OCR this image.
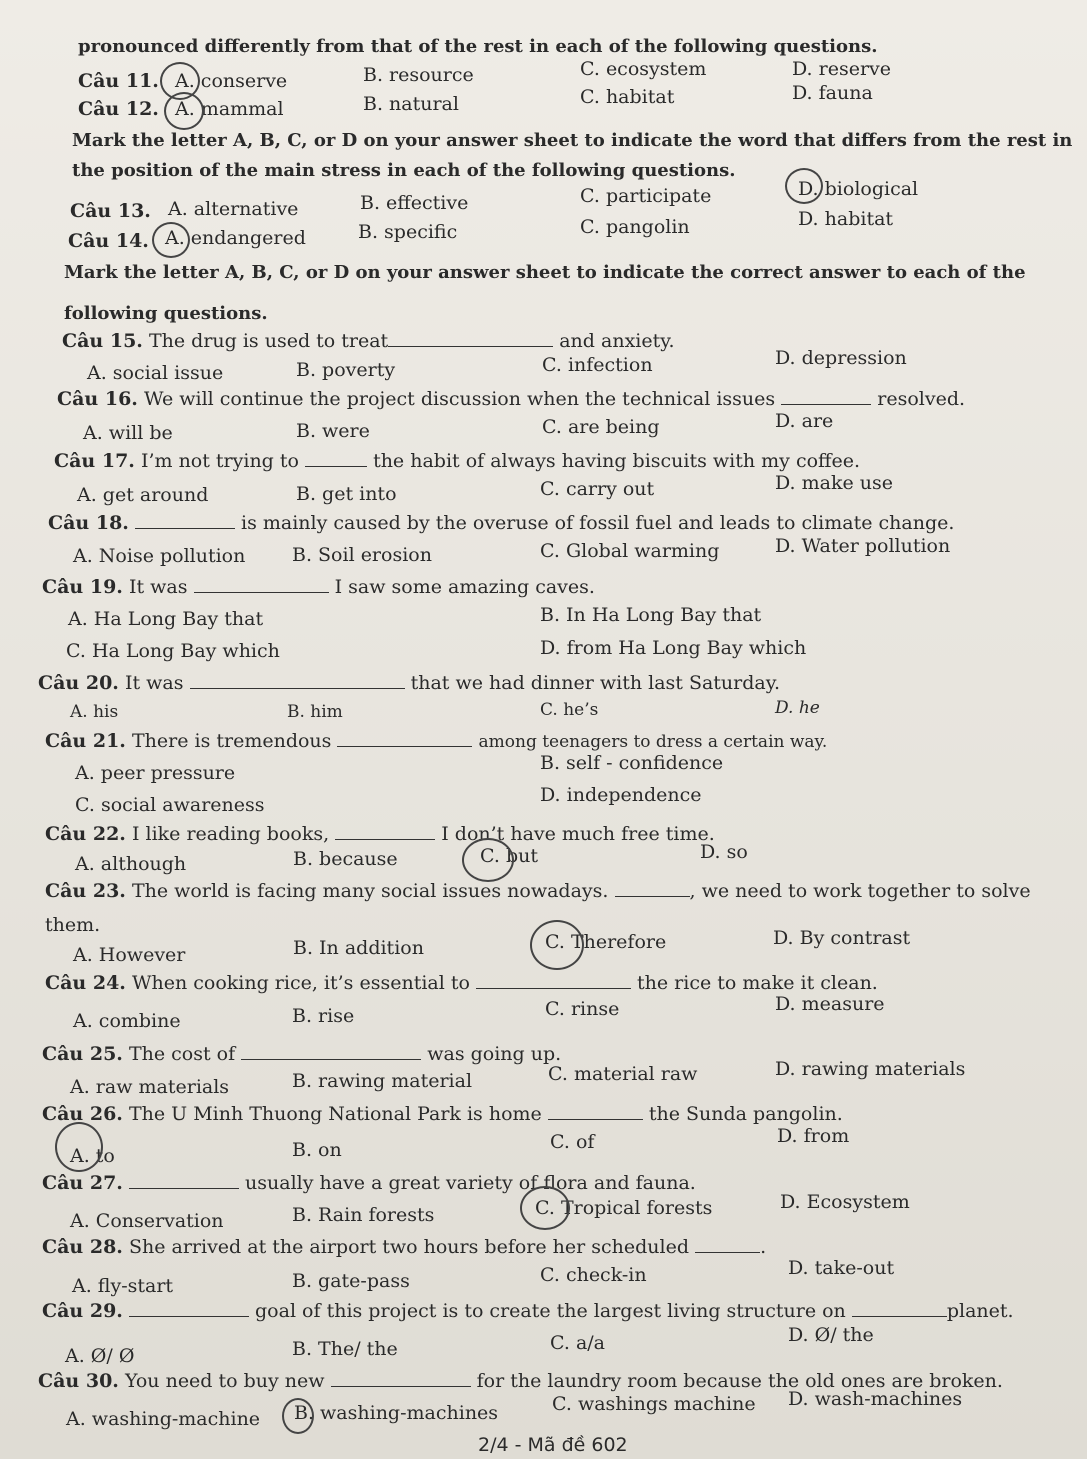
pronounced differently from that of the rest in each of the following questions.
Câu 11. A. conserve	B. resource	C. ecosystem	D. reserve
Câu 12. A. mammal	B. natural	C. habitat	D. fauna
Mark the letter A, B, C, or D on your answer sheet to indicate the word that differs from the rest in
the position of the main stress in each of the following questions.
Câu 13. A. alternative	B. effective	C. participate	D. biological
Câu 14. A. endangered	B. specific	C. pangolin	D. habitat
Mark the letter A, B, C, or D on your answer sheet to indicate the correct answer to each of the
following questions.
Câu 15. The drug is used to treat	and anxiety.
A. social issue	B. poverty	C. infection	D. depression
Câu 16. We will continue the project discussion when the technical issues	resolved.
A. will be	B. were	C. are being	D. are
Câu 17. I’m not trying to	the habit of always having biscuits with my coffee.
A. get around	B. get into	C. carry out	D. make use
Câu 18.	is mainly caused by the overuse of fossil fuel and leads to climate change.
A. Noise pollution B. Soil erosion	C. Global warming	D. Water pollution
Câu 19. It was	I saw some amazing caves.
A. Ha Long Bay that	B. In Ha Long Bay that
C. Ha Long Bay which	D. from Ha Long Bay which
Câu 20. It was	that we had dinner with last Saturday.
A. his	B. him	C. he’s	D. he
Câu 21. There is tremendous	among teenagers to dress a certain way.
A. peer pressure	B. self - confidence
C. social awareness	D. independence
Câu 22. I like reading books,	I don’t have much free time.
A. although	B. because	C. but	D. so
Câu 23. The world is facing many social issues nowadays.	, we need to work together to solve
them.
A. However	B. In addition	C. Therefore	D. By contrast
Câu 24. When cooking rice, it’s essential to	the rice to make it clean.
A. combine	B. rise	C. rinse	D. measure
Câu 25. The cost of	was going up.
A. raw materials	B. rawing material	C. material raw	D. rawing materials
Câu 26. The U Minh Thuong National Park is home	the Sunda pangolin.
A. to	B. on	C. of	D. from
Câu 27.	usually have a great variety of flora and fauna.
A. Conservation	B. Rain forests	C. Tropical forests	D. Ecosystem
Câu 28. She arrived at the airport two hours before her scheduled	.
A. fly-start	B. gate-pass	C. check-in	D. take-out
Câu 29.	goal of this project is to create the largest living structure on	planet.
A. Ø/ Ø	B. The/ the	C. a/a	D. Ø/ the
Câu 30. You need to buy new	for the laundry room because the old ones are broken.
A. washing-machine B. washing-machines	C. washings machine D. wash-machines
2/4 - Mã đề 602
